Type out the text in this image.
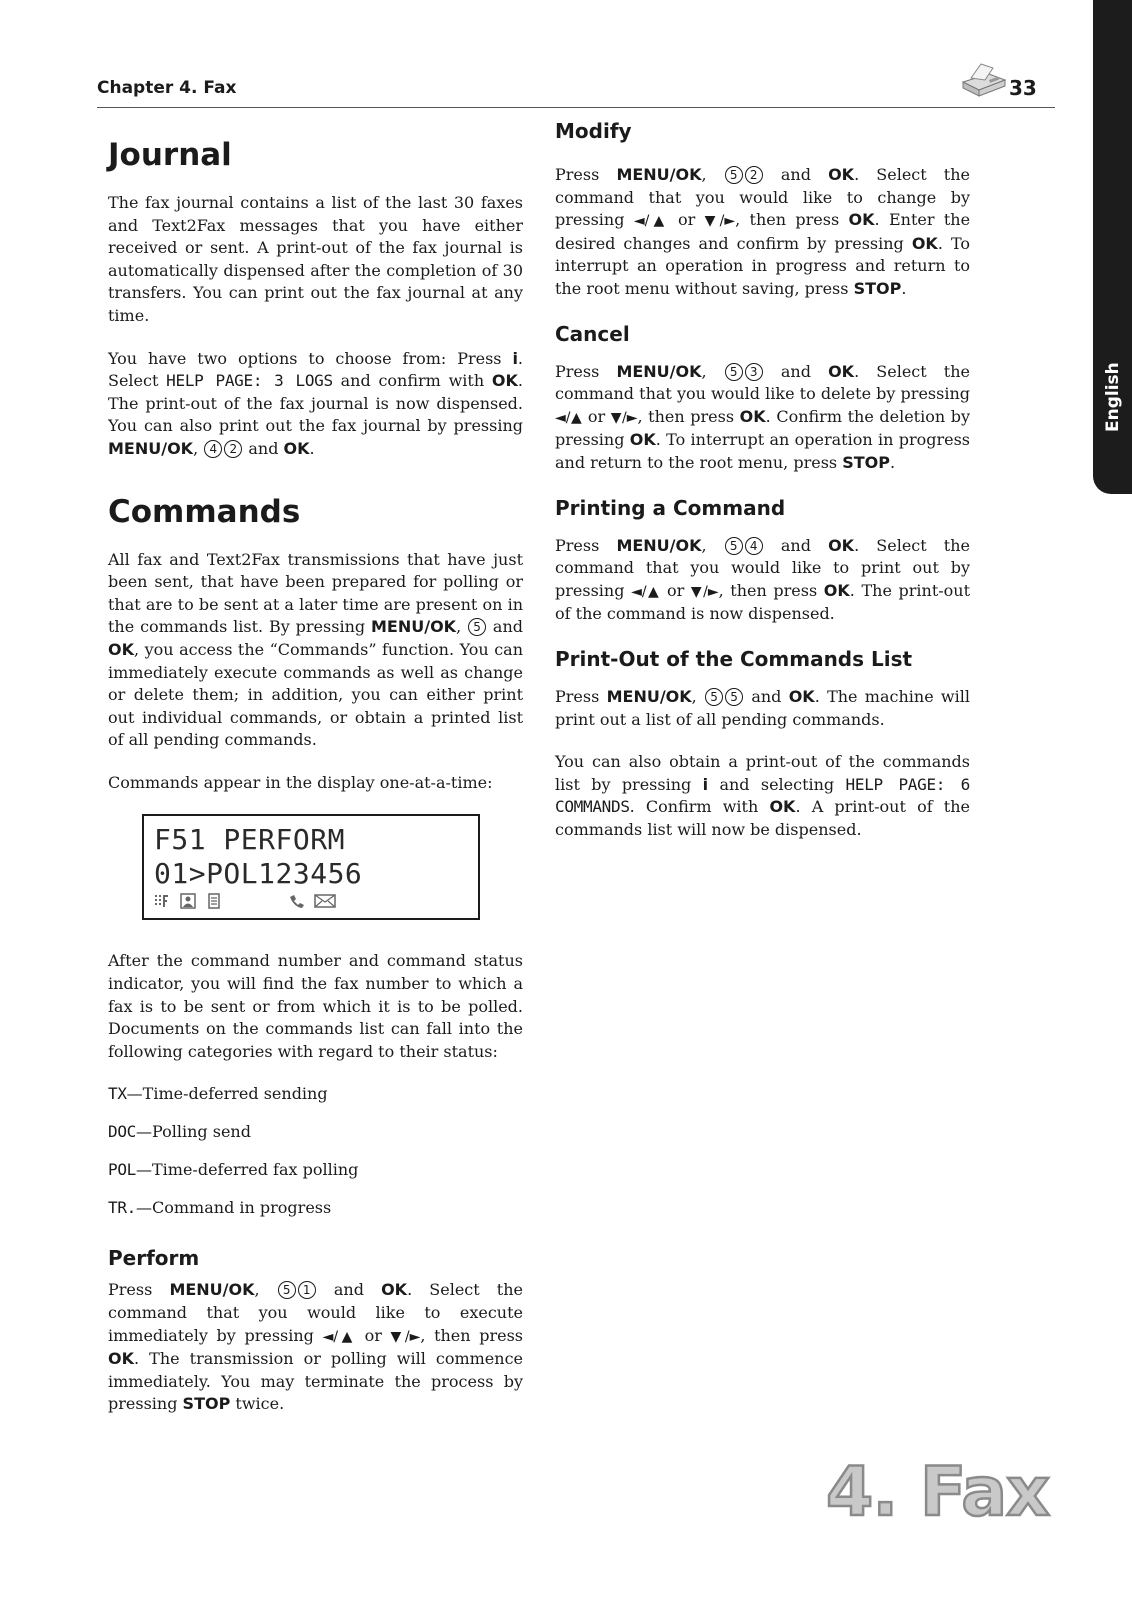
Chapter 4. Fax	33
English
Journal

The fax journal contains a list of the last 30 faxes and Text2Fax messages that you have either received or sent. A print-out of the fax journal is automatically dispensed after the completion of 30 transfers. You can print out the fax journal at any time.

You have two options to choose from: Press i. Select HELP PAGE: 3 LOGS and confirm with OK. The print-out of the fax journal is now dispensed. You can also print out the fax journal by pressing MENU/OK, 4 2 and OK.

Commands

All fax and Text2Fax transmissions that have just been sent, that have been prepared for polling or that are to be sent at a later time are present on in the commands list. By pressing MENU/OK, 5 and OK, you access the “Commands” function. You can immediately execute commands as well as change or delete them; in addition, you can either print out individual commands, or obtain a printed list of all pending commands.

Commands appear in the display one-at-a-time:

F51 PERFORM
01>POL123456

After the command number and command status indicator, you will find the fax number to which a fax is to be sent or from which it is to be polled. Documents on the commands list can fall into the following categories with regard to their status:

TX—Time-deferred sending
DOC—Polling send
POL—Time-deferred fax polling
TR.—Command in progress
Perform

Press MENU/OK, 5 1 and OK. Select the command that you would like to execute immediately by pressing ◄/▲ or ▼/►, then press OK. The transmission or polling will commence immediately. You may terminate the process by pressing STOP twice.

Modify

Press MENU/OK, 5 2 and OK. Select the command that you would like to change by pressing ◄/▲ or ▼/►, then press OK. Enter the desired changes and confirm by pressing OK. To interrupt an operation in progress and return to the root menu without saving, press STOP.

Cancel

Press MENU/OK, 5 3 and OK. Select the command that you would like to delete by pressing ◄/▲ or ▼/►, then press OK. Confirm the deletion by pressing OK. To interrupt an operation in progress and return to the root menu, press STOP.

Printing a Command

Press MENU/OK, 5 4 and OK. Select the command that you would like to print out by pressing ◄/▲ or ▼/►, then press OK. The print-out of the command is now dispensed.

Print-Out of the Commands List

Press MENU/OK, 5 5 and OK. The machine will print out a list of all pending commands.

You can also obtain a print-out of the commands list by pressing i and selecting HELP PAGE: 6 COMMANDS. Confirm with OK. A print-out of the commands list will now be dispensed.

4. Fax
